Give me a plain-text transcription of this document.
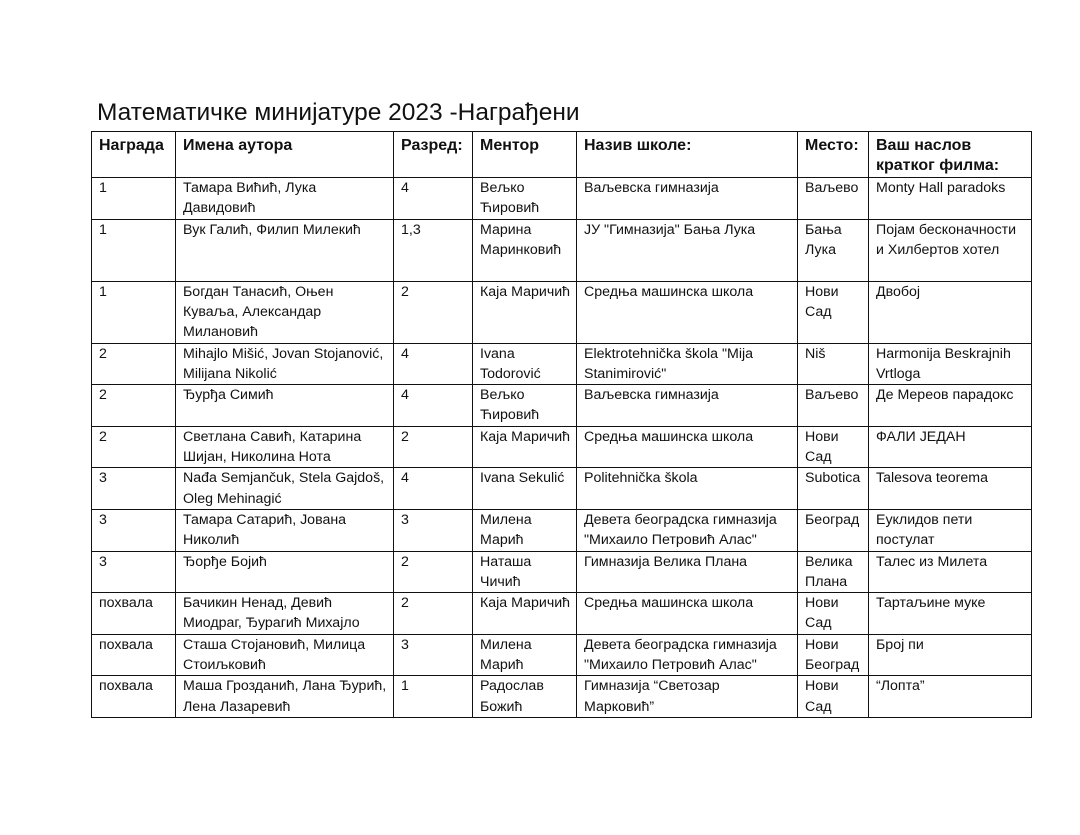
Математичке минијатуре 2023 -Награђени
Награда	Имена аутора	Разред:	Ментор	Назив школе:	Место:	Ваш наслов кратког филма:
1	Тамара Вићић, Лука Давидовић	4	Вељко Ћировић	Ваљевска гимназија	Ваљево	Monty Hall paradoks
1	Вук Галић, Филип Милекић	1,3	Марина Маринковић	ЈУ "Гимназија" Бања Лука	Бања Лука	Појам бесконачности и Хилбертов хотел
1	Богдан Танасић, Оњен Куваља, Александар Милановић	2	Каја Маричић	Средња машинска школа	Нови Сад	Двобој
2	Mihajlo Mišić, Jovan Stojanović, Milijana Nikolić	4	Ivana Todorović	Elektrotehnička škola "Mija Stanimirović"	Niš	Harmonija Beskrajnih Vrtloga
2	Ђурђа Симић	4	Вељко Ћировић	Ваљевска гимназија	Ваљево	Де Мереов парадокс
2	Светлана Савић, Катарина Шијан, Николина Нота	2	Каја Маричић	Средња машинска школа	Нови Сад	ФАЛИ ЈЕДАН
3	Nađa Semjančuk, Stela Gajdoš, Oleg Mehinagić	4	Ivana Sekulić	Politehnička škola	Subotica	Talesova teorema
3	Тамара Сатарић, Јована Николић	3	Милена Марић	Девета београдска гимназија "Михаило Петровић Алас"	Београд	Еуклидов пети постулат
3	Ђорђе Бојић	2	Наташа Чичић	Гимназија Велика Плана	Велика Плана	Талес из Милета
похвала	Бачикин Ненад, Девић Миодраг, Ђурагић Михајло	2	Каја Маричић	Средња машинска школа	Нови Сад	Тартаљине муке
похвала	Сташа Стојановић, Милица Стоиљковић	3	Милена Марић	Девета београдска гимназија "Михаило Петровић Алас"	Нови Београд	Број пи
похвала	Маша Грозданић, Лана Ђурић, Лена Лазаревић	1	Радослав Божић	Гимназија “Светозар Марковић”	Нови Сад	“Лопта”
